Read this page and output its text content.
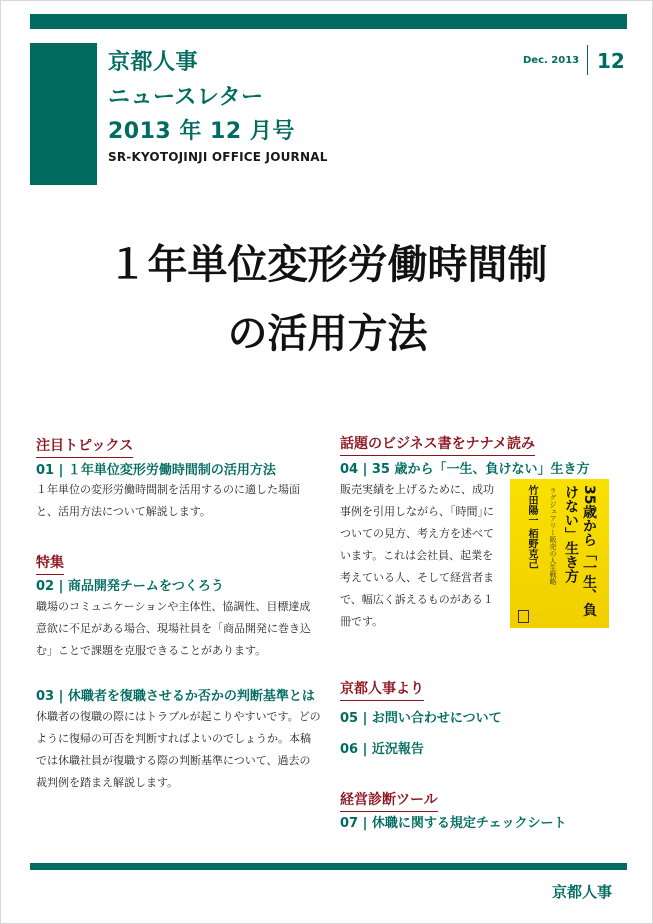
京都人事
ニュースレター
2013 年 12 月号
SR-KYOTOJINJI OFFICE JOURNAL
Dec. 2013 12
１年単位変形労働時間制
の活用方法
注目トピックス
01 | １年単位変形労働時間制の活用方法
１年単位の変形労働時間制を活用するのに適した場面と、活用方法について解説します。
特集
02 | 商品開発チームをつくろう
職場のコミュニケーションや主体性、協調性、目標達成意欲に不足がある場合、現場社員を「商品開発に巻き込む」ことで課題を克服できることがあります。
03 | 休職者を復職させるか否かの判断基準とは
休職者の復職の際にはトラブルが起こりやすいです。どのように復帰の可否を判断すればよいのでしょうか。本稿では休職社員が復職する際の判断基準について、過去の裁判例を踏まえ解説します。
話題のビジネス書をナナメ読み
04 | 35 歳から「一生、負けない」生き方
販売実績を上げるために、成功事例を引用しながら、｢時間｣についての見方、考え方を述べています。これは会社員、起業を考えている人、そして経営者まで、幅広く訴えるものがある１冊です。
35歳から「一生、負けない」生き方
ラグジュアリー販売の人生戦略
竹田陽一 栢野克己
京都人事より
05 | お問い合わせについて
06 | 近況報告
経営診断ツール
07 | 休職に関する規定チェックシート
京都人事
